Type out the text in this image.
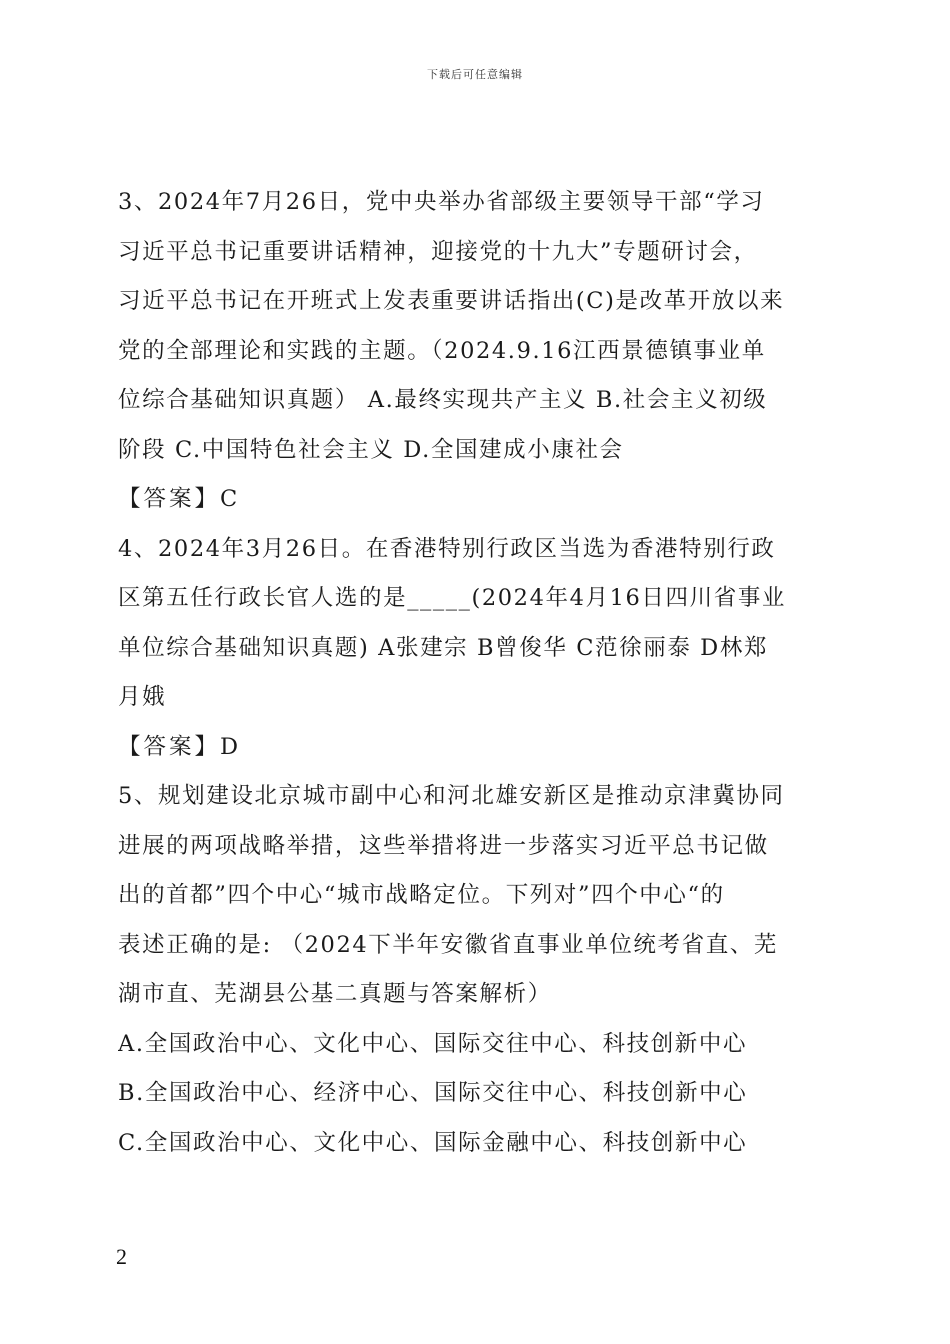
下载后可任意编辑
3、2024年7月26日，党中央举办省部级主要领导干部“学习
习近平总书记重要讲话精神，迎接党的十九大”专题研讨会，
习近平总书记在开班式上发表重要讲话指出(C)是改革开放以来
党的全部理论和实践的主题。（2024.9.16江西景德镇事业单
位综合基础知识真题） A.最终实现共产主义 B.社会主义初级
阶段 C.中国特色社会主义 D.全国建成小康社会
【答案】C
4、2024年3月26日。在香港特别行政区当选为香港特别行政
区第五任行政长官人选的是_____(2024年4月16日四川省事业
单位综合基础知识真题) A张建宗 B曾俊华 C范徐丽泰 D林郑
月娥
【答案】D
5、规划建设北京城市副中心和河北雄安新区是推动京津冀协同
进展的两项战略举措，这些举措将进一步落实习近平总书记做
出的首都”四个中心“城市战略定位。下列对”四个中心“的
表述正确的是: （2024下半年安徽省直事业单位统考省直、芜
湖市直、芜湖县公基二真题与答案解析）
A.全国政治中心、文化中心、国际交往中心、科技创新中心
B.全国政治中心、经济中心、国际交往中心、科技创新中心
C.全国政治中心、文化中心、国际金融中心、科技创新中心
2
